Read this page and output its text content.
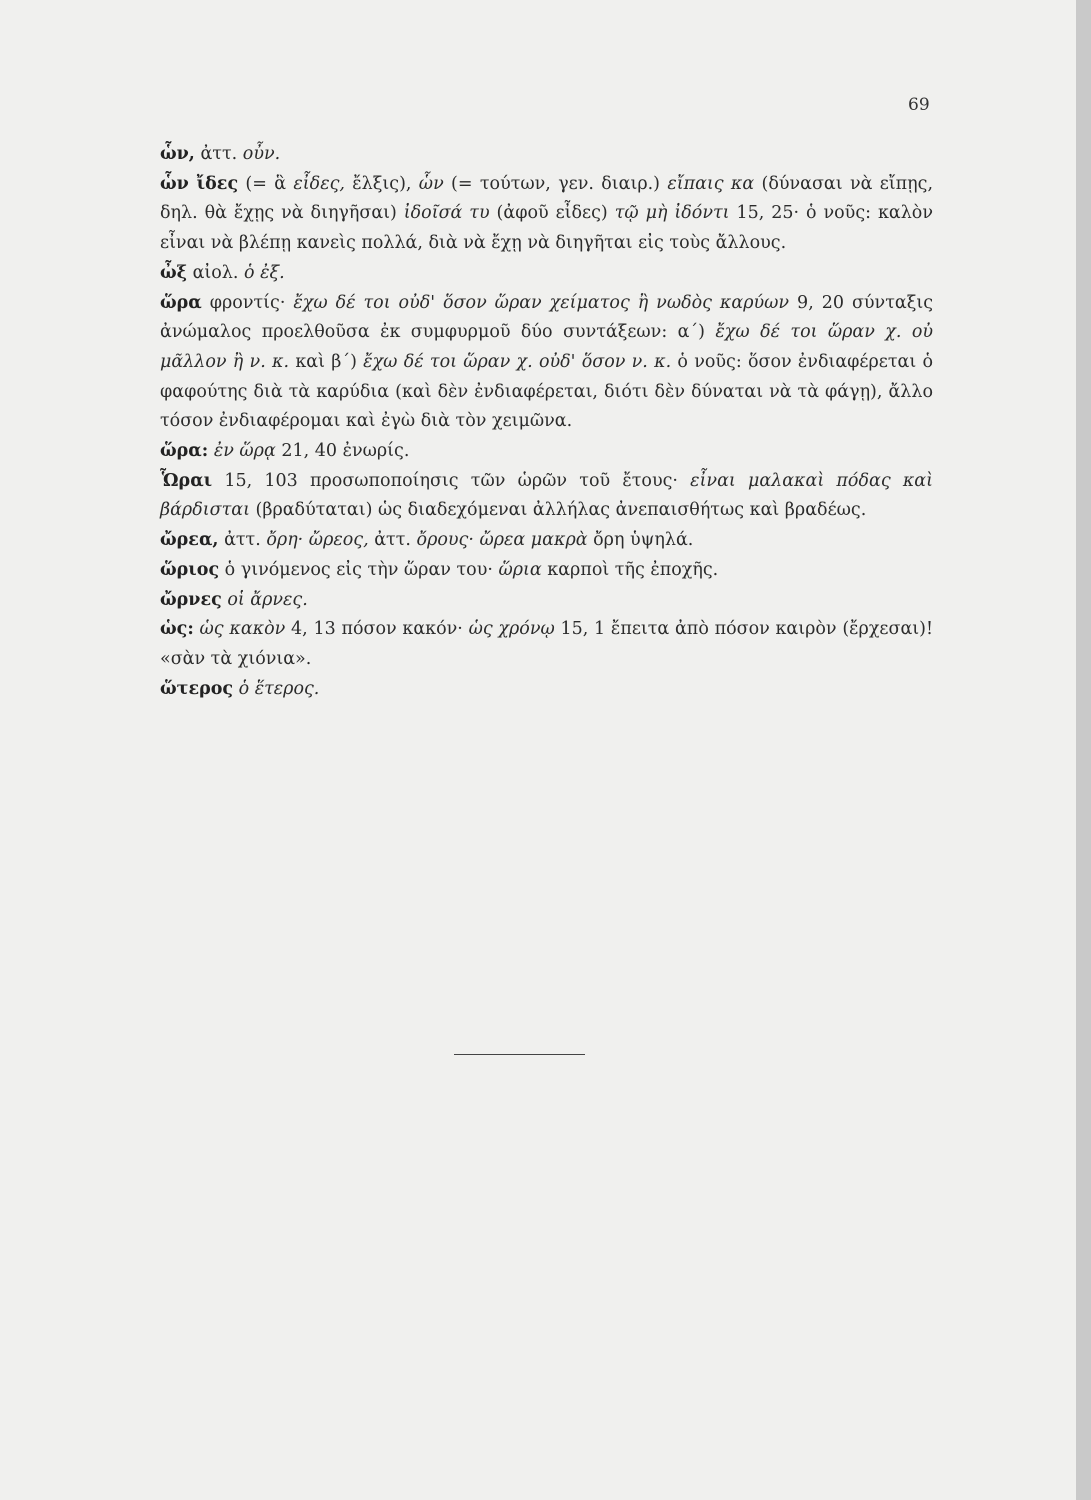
69
ὧν, ἀττ. οὖν.
ὧν ἴδες (= ἃ εἶδες, ἔλξις), ὧν (= τούτων, γεν. διαιρ.) εἴπαις κα (δύνασαι νὰ εἴπῃς, δηλ. θὰ ἔχῃς νὰ διηγῆσαι) ἰδοῖσά τυ (ἀφοῦ εἶδες) τῷ μὴ ἰδόντι 15, 25· ὁ νοῦς: καλὸν εἶναι νὰ βλέπῃ κανεὶς πολλά, διὰ νὰ ἔχῃ νὰ διηγῆται εἰς τοὺς ἄλλους.
ὦξ αἰολ. ὁ ἐξ.
ὥρα φροντίς· ἔχω δέ τοι οὐδ' ὅσον ὥραν χείματος ἢ νωδὸς καρύων 9, 20 σύνταξις ἀνώμαλος προελθοῦσα ἐκ συμφυρμοῦ δύο συντάξεων: α΄) ἔχω δέ τοι ὥραν χ. οὐ μᾶλλον ἢ ν. κ. καὶ β΄) ἔχω δέ τοι ὥραν χ. οὐδ' ὅσον ν. κ. ὁ νοῦς: ὅσον ἐνδιαφέρεται ὁ φαφούτης διὰ τὰ καρύδια (καὶ δὲν ἐνδιαφέρεται, διότι δὲν δύναται νὰ τὰ φάγῃ), ἄλλο τόσον ἐνδιαφέρομαι καὶ ἐγὼ διὰ τὸν χειμῶνα.
ὥρα: ἐν ὥρᾳ 21, 40 ἐνωρίς.
Ὧραι 15, 103 προσωποποίησις τῶν ὡρῶν τοῦ ἔτους· εἶναι μαλακαὶ πόδας καὶ βάρδισται (βραδύταται) ὡς διαδεχόμεναι ἀλλήλας ἀνεπαισθήτως καὶ βραδέως.
ὤρεα, ἀττ. ὄρη· ὤρεος, ἀττ. ὄρους· ὤρεα μακρὰ ὄρη ὑψηλά.
ὥριος ὁ γινόμενος εἰς τὴν ὥραν του· ὥρια καρποὶ τῆς ἐποχῆς.
ὤρνες οἱ ἄρνες.
ὡς: ὡς κακὸν 4, 13 πόσον κακόν· ὡς χρόνῳ 15, 1 ἔπειτα ἀπὸ πόσον καιρὸν (ἔρχεσαι)! «σὰν τὰ χιόνια».
ὥτερος ὁ ἕτερος.
